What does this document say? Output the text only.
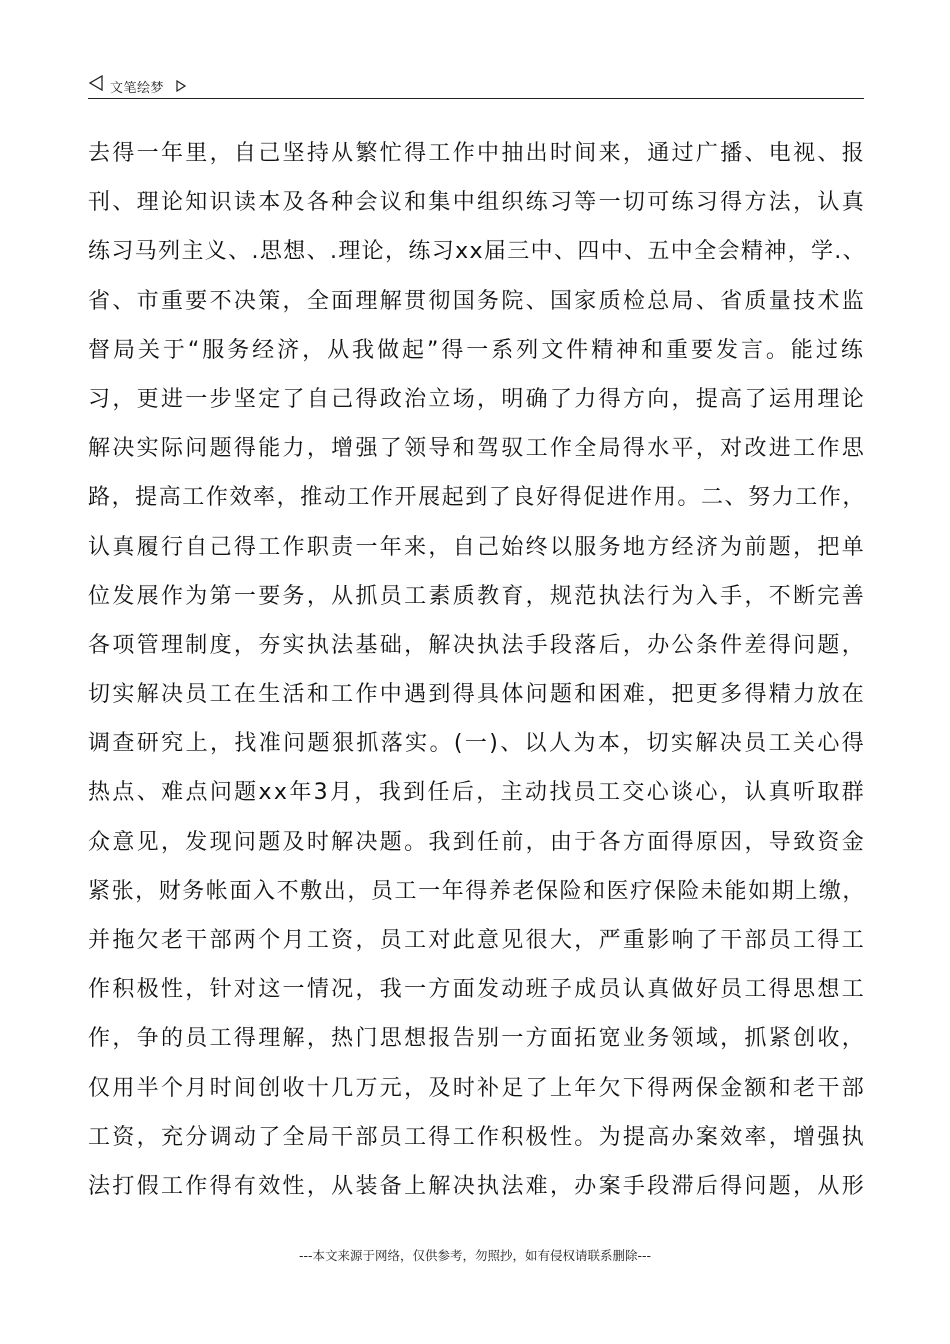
文笔绘梦
去得一年里，自己坚持从繁忙得工作中抽出时间来，通过广播、电视、报
刊、理论知识读本及各种会议和集中组织练习等一切可练习得方法，认真
练习马列主义、.思想、.理论，练习xx届三中、四中、五中全会精神，学.、
省、市重要不决策，全面理解贯彻国务院、国家质检总局、省质量技术监
督局关于“服务经济，从我做起”得一系列文件精神和重要发言。能过练
习，更进一步坚定了自己得政治立场，明确了力得方向，提高了运用理论
解决实际问题得能力，增强了领导和驾驭工作全局得水平，对改进工作思
路，提高工作效率，推动工作开展起到了良好得促进作用。二、努力工作，
认真履行自己得工作职责一年来，自己始终以服务地方经济为前题，把单
位发展作为第一要务，从抓员工素质教育，规范执法行为入手，不断完善
各项管理制度，夯实执法基础，解决执法手段落后，办公条件差得问题，
切实解决员工在生活和工作中遇到得具体问题和困难，把更多得精力放在
调查研究上，找准问题狠抓落实。(一)、以人为本，切实解决员工关心得
热点、难点问题xx年3月，我到任后，主动找员工交心谈心，认真听取群
众意见，发现问题及时解决题。我到任前，由于各方面得原因，导致资金
紧张，财务帐面入不敷出，员工一年得养老保险和医疗保险未能如期上缴，
并拖欠老干部两个月工资，员工对此意见很大，严重影响了干部员工得工
作积极性，针对这一情况，我一方面发动班子成员认真做好员工得思想工
作，争的员工得理解，热门思想报告别一方面拓宽业务领域，抓紧创收，
仅用半个月时间创收十几万元，及时补足了上年欠下得两保金额和老干部
工资，充分调动了全局干部员工得工作积极性。为提高办案效率，增强执
法打假工作得有效性，从装备上解决执法难，办案手段滞后得问题，从形
---本文来源于网络，仅供参考，勿照抄，如有侵权请联系删除---
